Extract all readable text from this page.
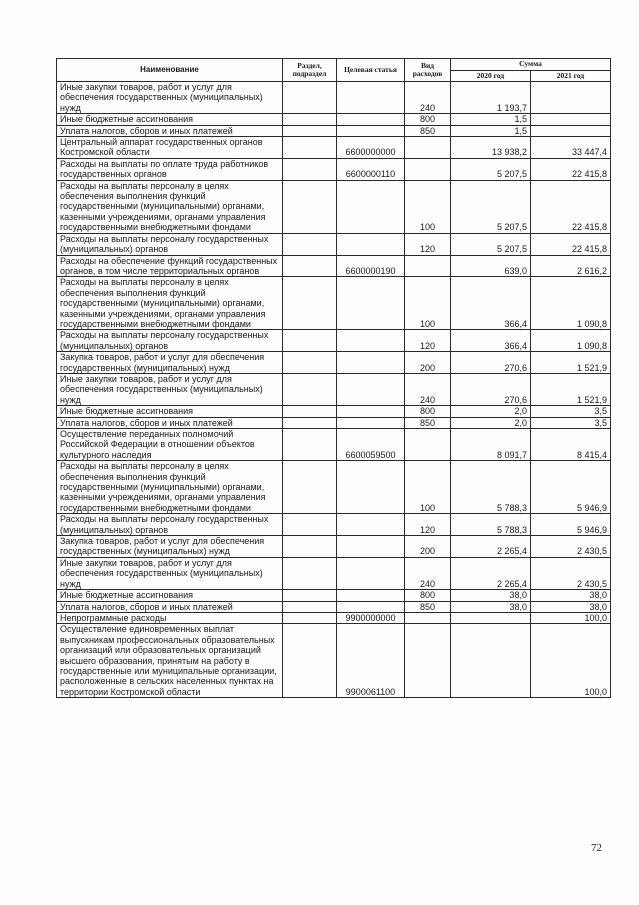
Наименование	Раздел, подраздел	Целевая статья	Вид расходов	Сумма	
				2020 год	2021 год
Иные закупки товаров, работ и услуг для обеспечения государственных (муниципальных) нужд			240	1 193,7	
Иные бюджетные ассигнования			800	1,5	
Уплата налогов, сборов и иных платежей			850	1,5	
Центральный аппарат государственных органов Костромской области		6600000000		13 938,2	33 447,4
Расходы на выплаты по оплате труда работников государственных органов		6600000110		5 207,5	22 415,8
Расходы на выплаты персоналу в целях обеспечения выполнения функций государственными (муниципальными) органами, казенными учреждениями, органами управления государственными внебюджетными фондами			100	5 207,5	22 415,8
Расходы на выплаты персоналу государственных (муниципальных) органов			120	5 207,5	22 415,8
Расходы на обеспечение функций государственных органов, в том числе территориальных органов		6600000190		639,0	2 616,2
Расходы на выплаты персоналу в целях обеспечения выполнения функций государственными (муниципальными) органами, казенными учреждениями, органами управления государственными внебюджетными фондами			100	366,4	1 090,8
Расходы на выплаты персоналу государственных (муниципальных) органов			120	366,4	1 090,8
Закупка товаров, работ и услуг для обеспечения государственных (муниципальных) нужд			200	270,6	1 521,9
Иные закупки товаров, работ и услуг для обеспечения государственных (муниципальных) нужд			240	270,6	1 521,9
Иные бюджетные ассигнования			800	2,0	3,5
Уплата налогов, сборов и иных платежей			850	2,0	3,5
Осуществление переданных полномочий Российской Федерации в отношении объектов культурного наследия		6600059500		8 091,7	8 415,4
Расходы на выплаты персоналу в целях обеспечения выполнения функций государственными (муниципальными) органами, казенными учреждениями, органами управления государственными внебюджетными фондами			100	5 788,3	5 946,9
Расходы на выплаты персоналу государственных (муниципальных) органов			120	5 788,3	5 946,9
Закупка товаров, работ и услуг для обеспечения государственных (муниципальных) нужд			200	2 265,4	2 430,5
Иные закупки товаров, работ и услуг для обеспечения государственных (муниципальных) нужд			240	2 265,4	2 430,5
Иные бюджетные ассигнования			800	38,0	38,0
Уплата налогов, сборов и иных платежей			850	38,0	38,0
Непрограммные расходы		9900000000			100,0
Осуществление единовременных выплат выпускникам профессиональных образовательных организаций или образовательных организаций высшего образования, принятым на работу в государственные или муниципальные организации, расположенные в сельских населенных пунктах на территории Костромской области		9900061100			100,0
72
